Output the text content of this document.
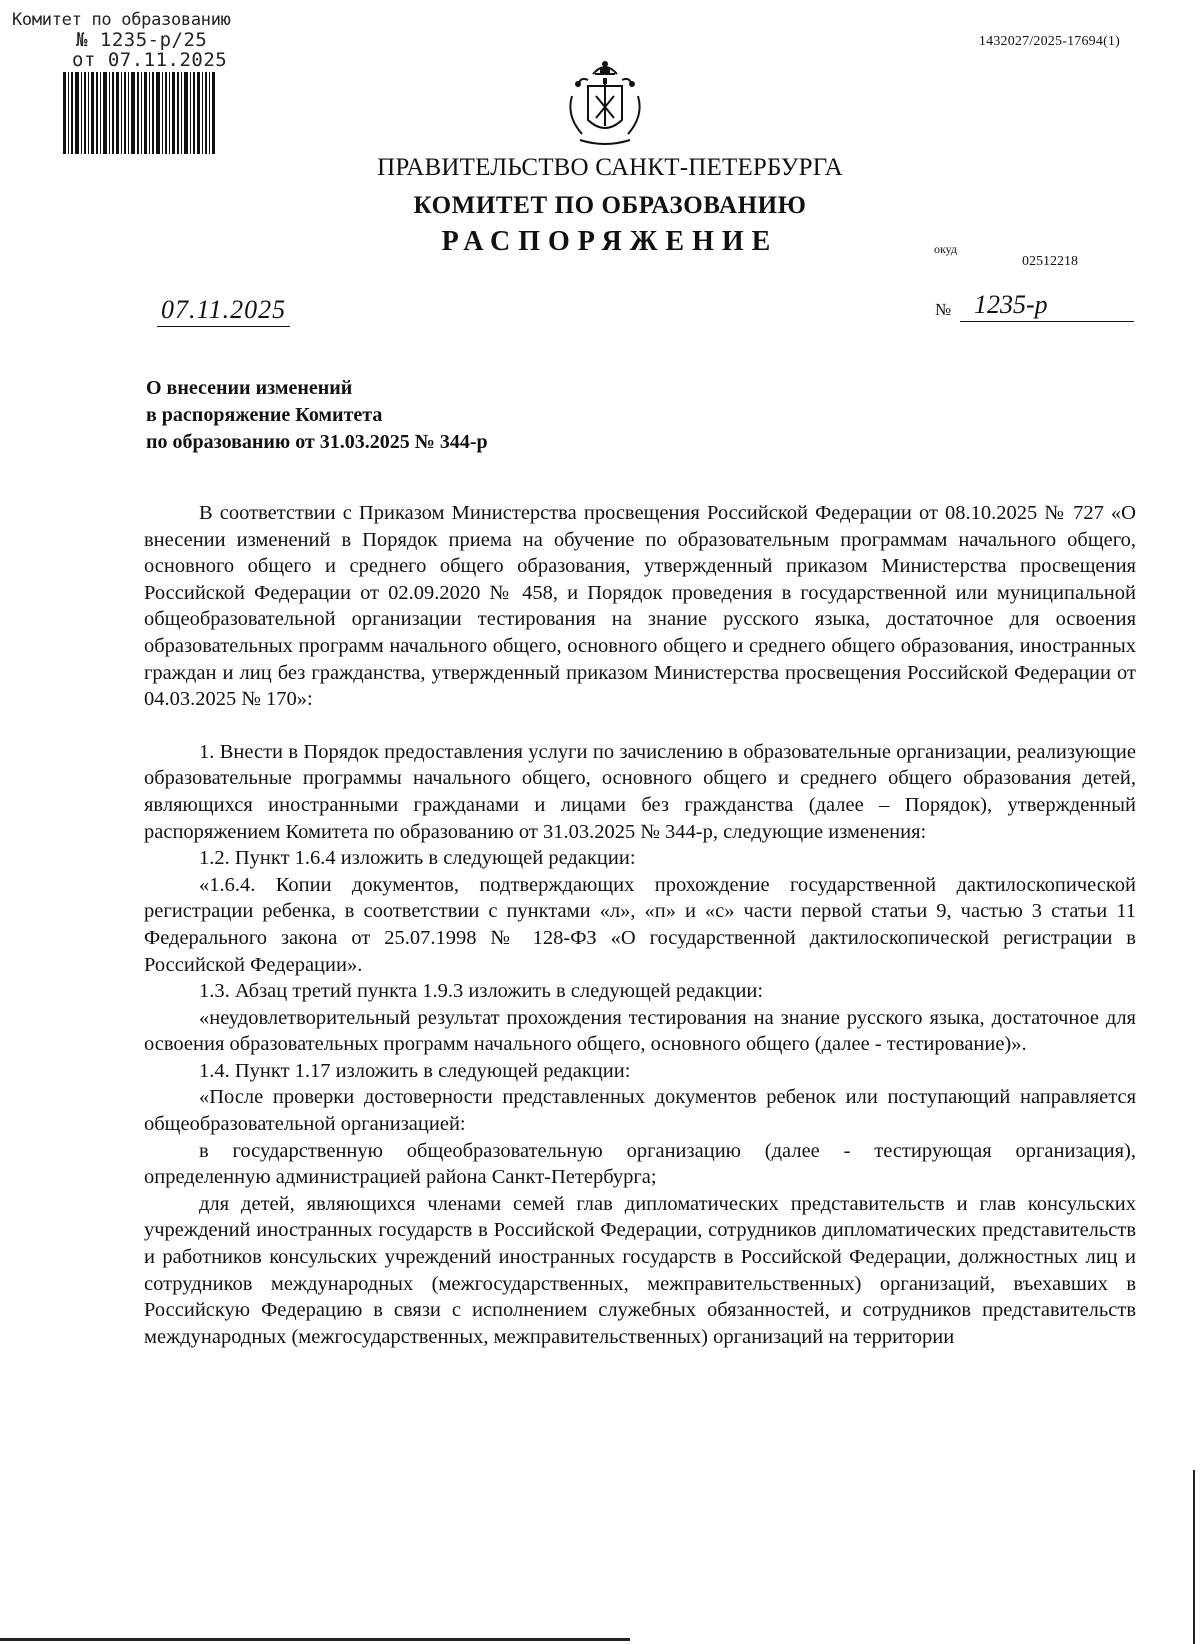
Комитет по образованию
№ 1235-р/25
от 07.11.2025
1432027/2025-17694(1)
ПРАВИТЕЛЬСТВО САНКТ-ПЕТЕРБУРГА
КОМИТЕТ ПО ОБРАЗОВАНИЮ
РАСПОРЯЖЕНИЕ	окуд
02512218
07.11.2025	№ 1235-р
О внесении изменений
в распоряжение Комитета
по образованию от 31.03.2025 № 344-р

В соответствии с Приказом Министерства просвещения Российской Федерации от 08.10.2025 № 727 «О внесении изменений в Порядок приема на обучение по образовательным программам начального общего, основного общего и среднего общего образования, утвержденный приказом Министерства просвещения Российской Федерации от 02.09.2020 № 458, и Порядок проведения в государственной или муниципальной общеобразовательной организации тестирования на знание русского языка, достаточное для освоения образовательных программ начального общего, основного общего и среднего общего образования, иностранных граждан и лиц без гражданства, утвержденный приказом Министерства просвещения Российской Федерации от 04.03.2025 № 170»:

1. Внести в Порядок предоставления услуги по зачислению в образовательные организации, реализующие образовательные программы начального общего, основного общего и среднего общего образования детей, являющихся иностранными гражданами и лицами без гражданства (далее – Порядок), утвержденный распоряжением Комитета по образованию от 31.03.2025 № 344-р, следующие изменения:

1.2. Пункт 1.6.4 изложить в следующей редакции:

«1.6.4. Копии документов, подтверждающих прохождение государственной дактилоскопической регистрации ребенка, в соответствии с пунктами «л», «п» и «с» части первой статьи 9, частью 3 статьи 11 Федерального закона от 25.07.1998 № 128-ФЗ «О государственной дактилоскопической регистрации в Российской Федерации».

1.3. Абзац третий пункта 1.9.3 изложить в следующей редакции:

«неудовлетворительный результат прохождения тестирования на знание русского языка, достаточное для освоения образовательных программ начального общего, основного общего (далее - тестирование)».

1.4. Пункт 1.17 изложить в следующей редакции:

«После проверки достоверности представленных документов ребенок или поступающий направляется общеобразовательной организацией:

в государственную общеобразовательную организацию (далее - тестирующая организация), определенную администрацией района Санкт-Петербурга;

для детей, являющихся членами семей глав дипломатических представительств и глав консульских учреждений иностранных государств в Российской Федерации, сотрудников дипломатических представительств и работников консульских учреждений иностранных государств в Российской Федерации, должностных лиц и сотрудников международных (межгосударственных, межправительственных) организаций, въехавших в Российскую Федерацию в связи с исполнением служебных обязанностей, и сотрудников представительств международных (межгосударственных, межправительственных) организаций на территории
